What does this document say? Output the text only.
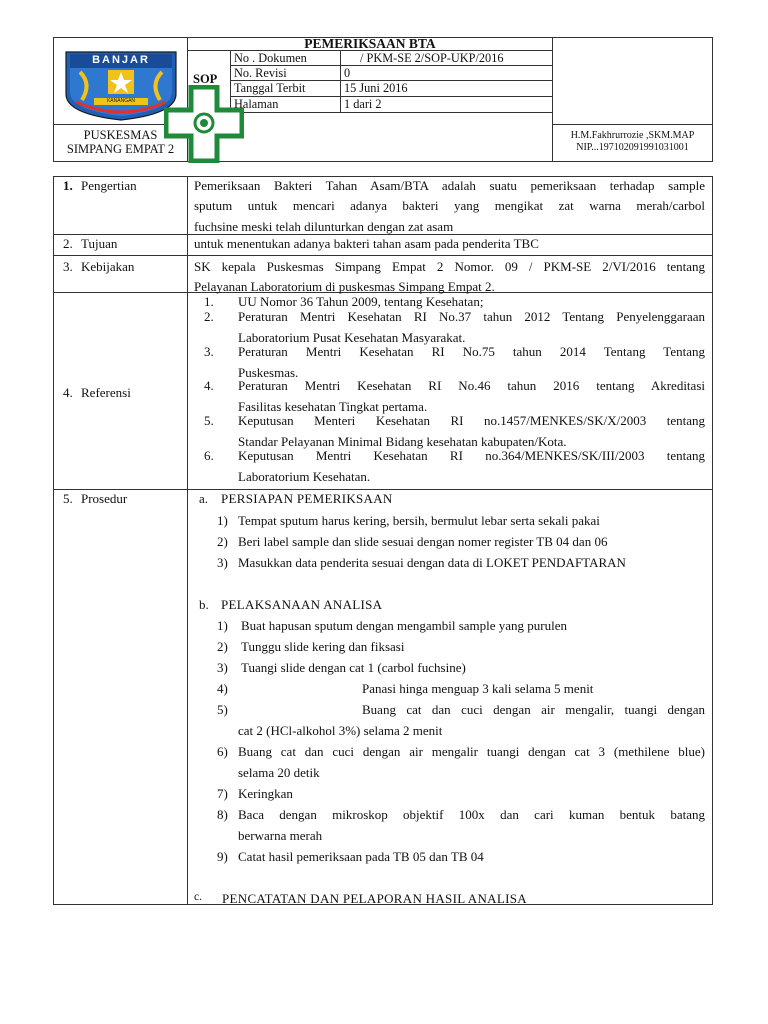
PEMERIKSAAN BTA
SOP
BANJAR
KANANGAN
PUSKESMAS
SIMPANG EMPAT 2
H.M.Fakhrurrozie ,SKM.MAP
NIP...197102091991031001
No . Dokumen	/ PKM-SE 2/SOP-UKP/2016
No. Revisi	0
Tanggal Terbit	15 Juni 2016
Halaman	1 dari 2
1. Pengertian	Pemeriksaan Bakteri Tahan Asam/BTA adalah suatu pemeriksaan terhadap sample
sputum untuk mencari adanya bakteri yang mengikat zat warna merah/carbol
fuchsine meski telah dilunturkan dengan zat asam
2. Tujuan	untuk menentukan adanya bakteri tahan asam pada penderita TBC
3. Kebijakan	SK kepala Puskesmas Simpang Empat 2 Nomor. 09 / PKM-SE 2/VI/2016 tentang
Pelayanan Laboratorium di puskesmas Simpang Empat 2.
4. Referensi
1. UU Nomor 36 Tahun 2009, tentang Kesehatan;
2. Peraturan Mentri Kesehatan RI No.37 tahun 2012 Tentang Penyelenggaraan
Laboratorium Pusat Kesehatan Masyarakat.
3. Peraturan Mentri Kesehatan RI No.75 tahun 2014 Tentang Tentang
Puskesmas.
4. Peraturan Mentri Kesehatan RI No.46 tahun 2016 tentang Akreditasi
Fasilitas kesehatan Tingkat pertama.
5. Keputusan Menteri Kesehatan RI no.1457/MENKES/SK/X/2003 tentang
Standar Pelayanan Minimal Bidang kesehatan kabupaten/Kota.
6. Keputusan Mentri Kesehatan RI no.364/MENKES/SK/III/2003 tentang
Laboratorium Kesehatan.
5. Prosedur	a. PERSIAPAN PEMERIKSAAN
1) Tempat sputum harus kering, bersih, bermulut lebar serta sekali pakai
2) Beri label sample dan slide sesuai dengan nomer register TB 04 dan 06
3) Masukkan data penderita sesuai dengan data di LOKET PENDAFTARAN
b. PELAKSANAAN ANALISA
1) Buat hapusan sputum dengan mengambil sample yang purulen
2) Tunggu slide kering dan fiksasi
3) Tuangi slide dengan cat 1 (carbol fuchsine)
4)	Panasi hinga menguap 3 kali selama 5 menit
5)	Buang cat dan cuci dengan air mengalir, tuangi dengan
cat 2 (HCl-alkohol 3%) selama 2 menit
6) Buang cat dan cuci dengan air mengalir tuangi dengan cat 3 (methilene blue)
selama 20 detik
7) Keringkan
8) Baca dengan mikroskop objektif 100x dan cari kuman bentuk batang
berwarna merah
9) Catat hasil pemeriksaan pada TB 05 dan TB 04
c. PENCATATAN DAN PELAPORAN HASIL ANALISA
